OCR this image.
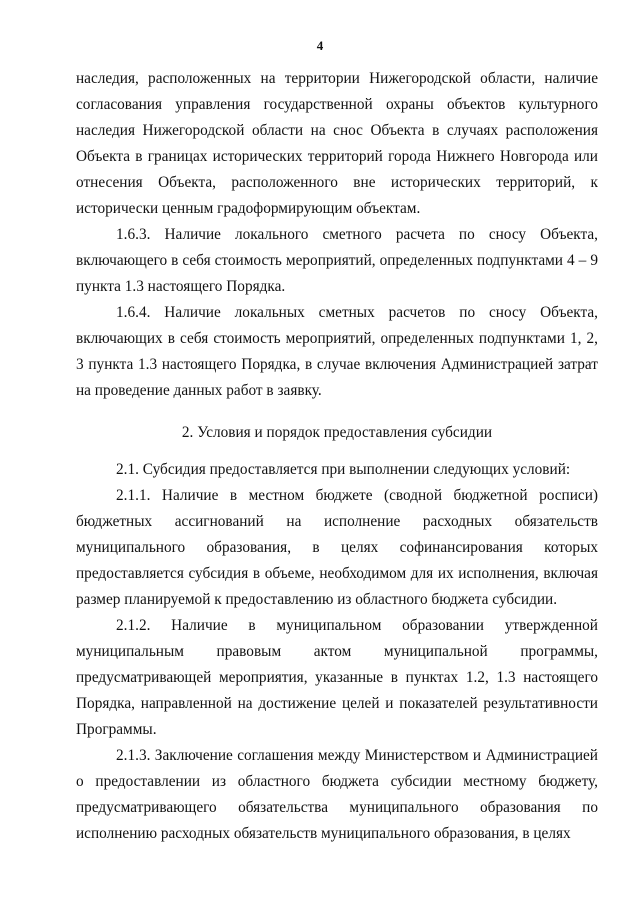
4
наследия, расположенных на территории Нижегородской области, наличие согласования управления государственной охраны объектов культурного наследия Нижегородской области на снос Объекта в случаях расположения Объекта в границах исторических территорий города Нижнего Новгорода или отнесения Объекта, расположенного вне исторических территорий, к исторически ценным градоформирующим объектам.
1.6.3. Наличие локального сметного расчета по сносу Объекта, включающего в себя стоимость мероприятий, определенных подпунктами 4 – 9 пункта 1.3 настоящего Порядка.
1.6.4. Наличие локальных сметных расчетов по сносу Объекта, включающих в себя стоимость мероприятий, определенных подпунктами 1, 2, 3 пункта 1.3 настоящего Порядка, в случае включения Администрацией затрат на проведение данных работ в заявку.
2. Условия и порядок предоставления субсидии
2.1. Субсидия предоставляется при выполнении следующих условий:
2.1.1. Наличие в местном бюджете (сводной бюджетной росписи) бюджетных ассигнований на исполнение расходных обязательств муниципального образования, в целях софинансирования которых предоставляется субсидия в объеме, необходимом для их исполнения, включая размер планируемой к предоставлению из областного бюджета субсидии.
2.1.2. Наличие в муниципальном образовании утвержденной муниципальным правовым актом муниципальной программы, предусматривающей мероприятия, указанные в пунктах 1.2, 1.3 настоящего Порядка, направленной на достижение целей и показателей результативности Программы.
2.1.3. Заключение соглашения между Министерством и Администрацией о предоставлении из областного бюджета субсидии местному бюджету, предусматривающего обязательства муниципального образования по исполнению расходных обязательств муниципального образования, в целях
